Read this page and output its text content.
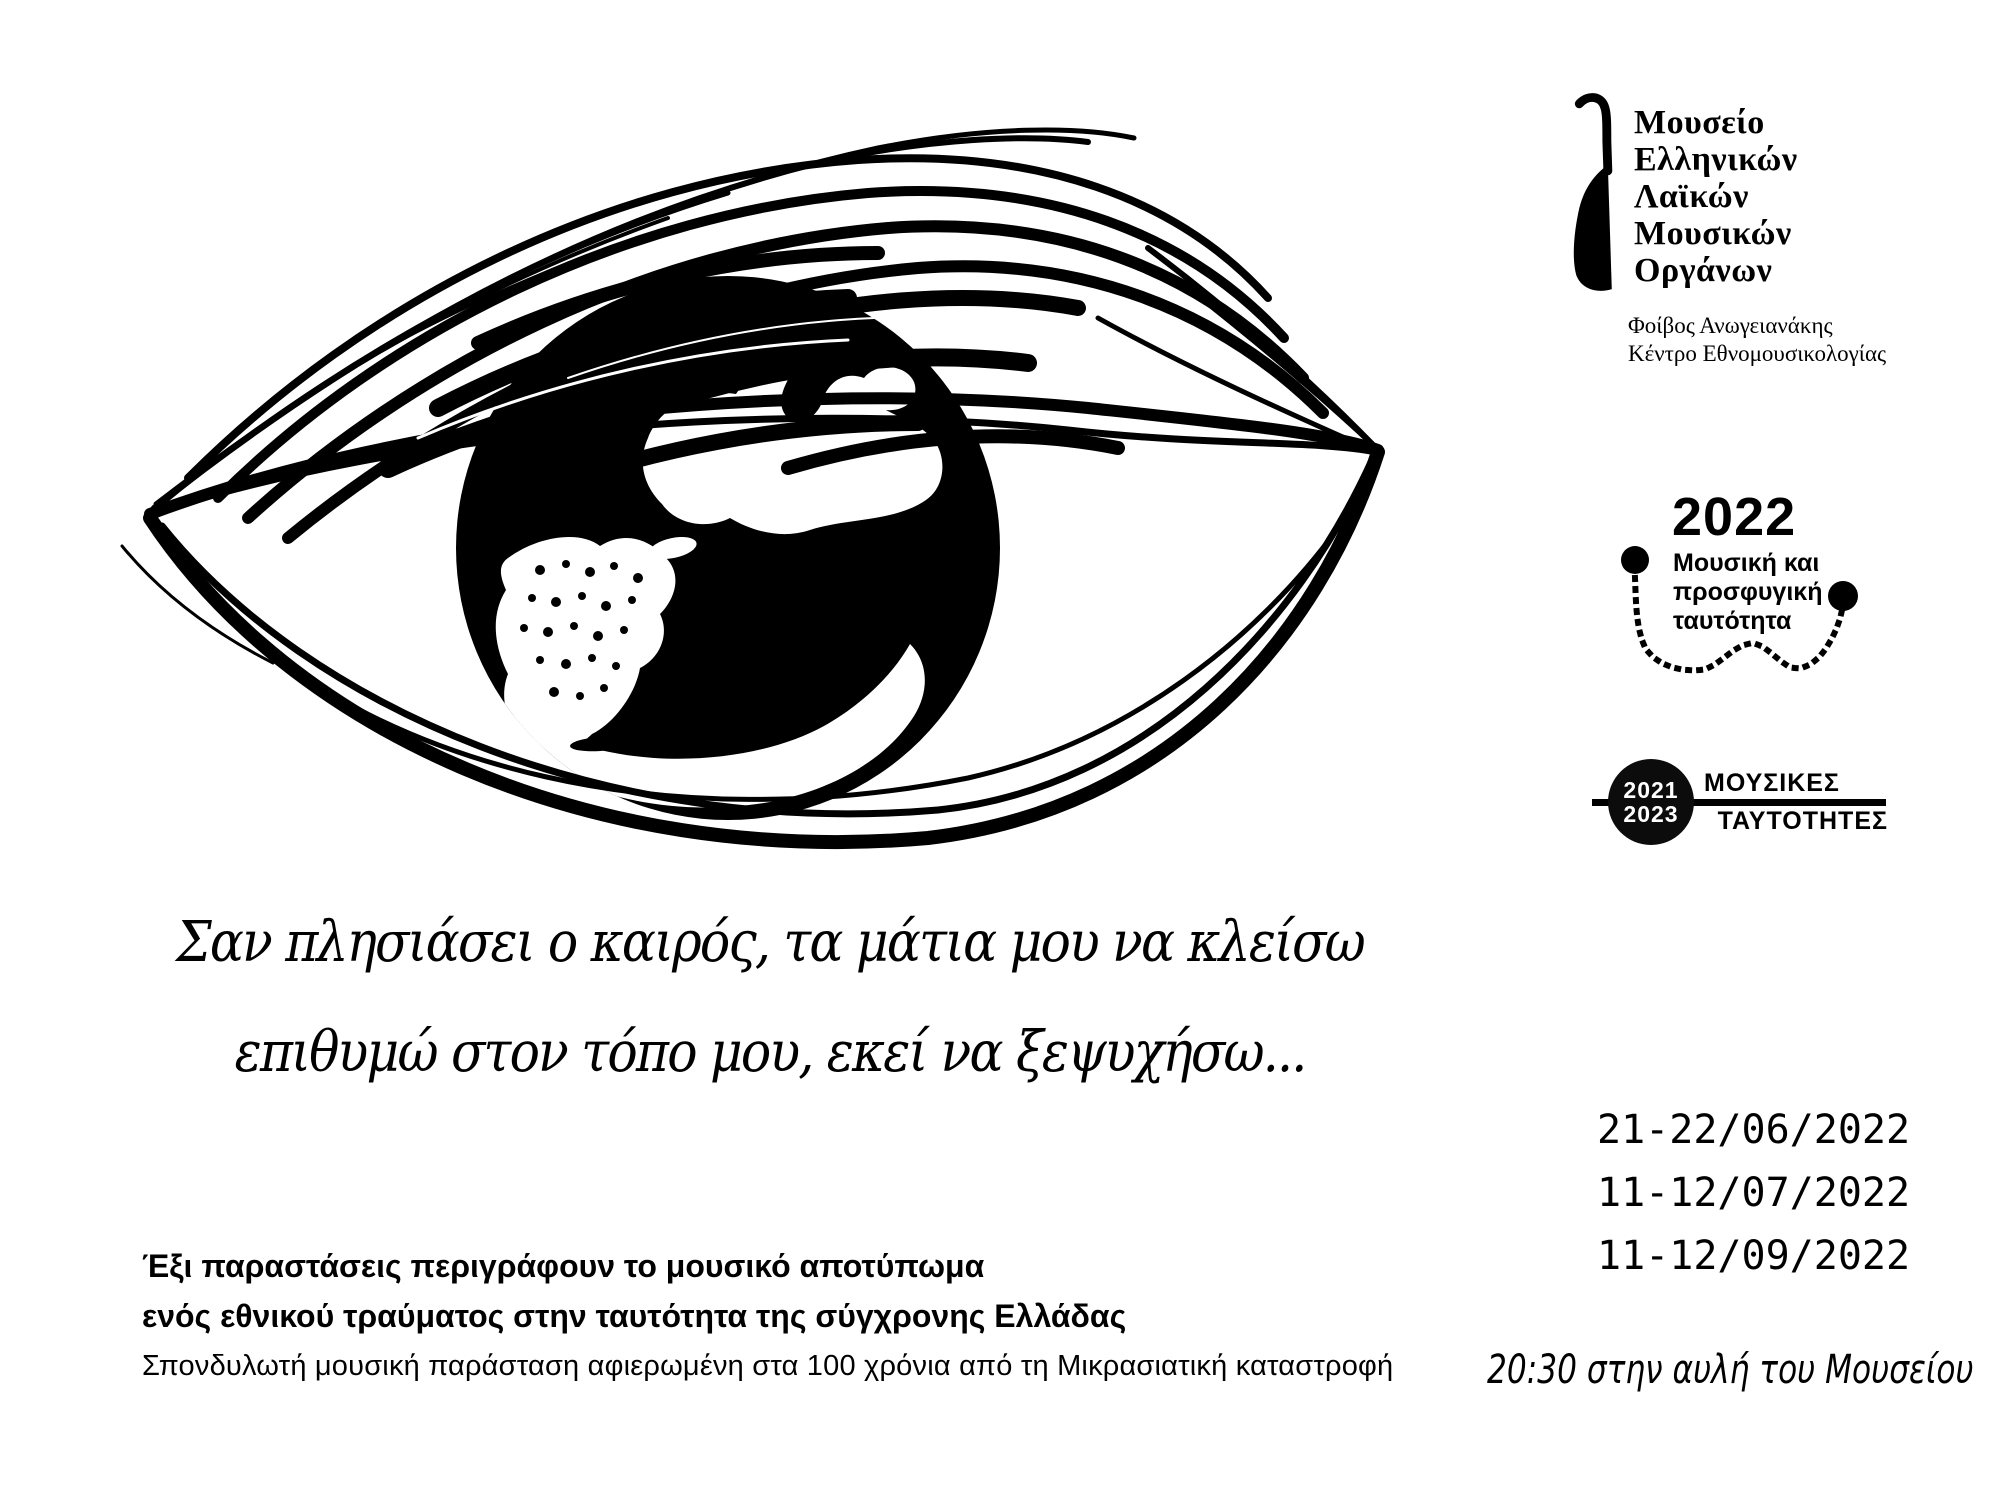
Μουσείο
Ελληνικών
Λαϊκών
Μουσικών
Οργάνων
Φοίβος Ανωγειανάκης
Κέντρο Εθνομουσικολογίας
2022
Μουσική και
προσφυγική
ταυτότητα
2021
2023
ΜΟΥΣΙΚΕΣ
ΤΑΥΤΟΤΗΤΕΣ
Σαν πλησιάσει ο καιρός, τα μάτια μου να κλείσω
επιθυμώ στον τόπο μου, εκεί να ξεψυχήσω...
Έξι παραστάσεις περιγράφουν το μουσικό αποτύπωμα
ενός εθνικού τραύματος στην ταυτότητα της σύγχρονης Ελλάδας
Σπονδυλωτή μουσική παράσταση αφιερωμένη στα 100 χρόνια από τη Μικρασιατική καταστροφή
21-22/06/2022
11-12/07/2022
11-12/09/2022
20:30 στην αυλή του Μουσείου
